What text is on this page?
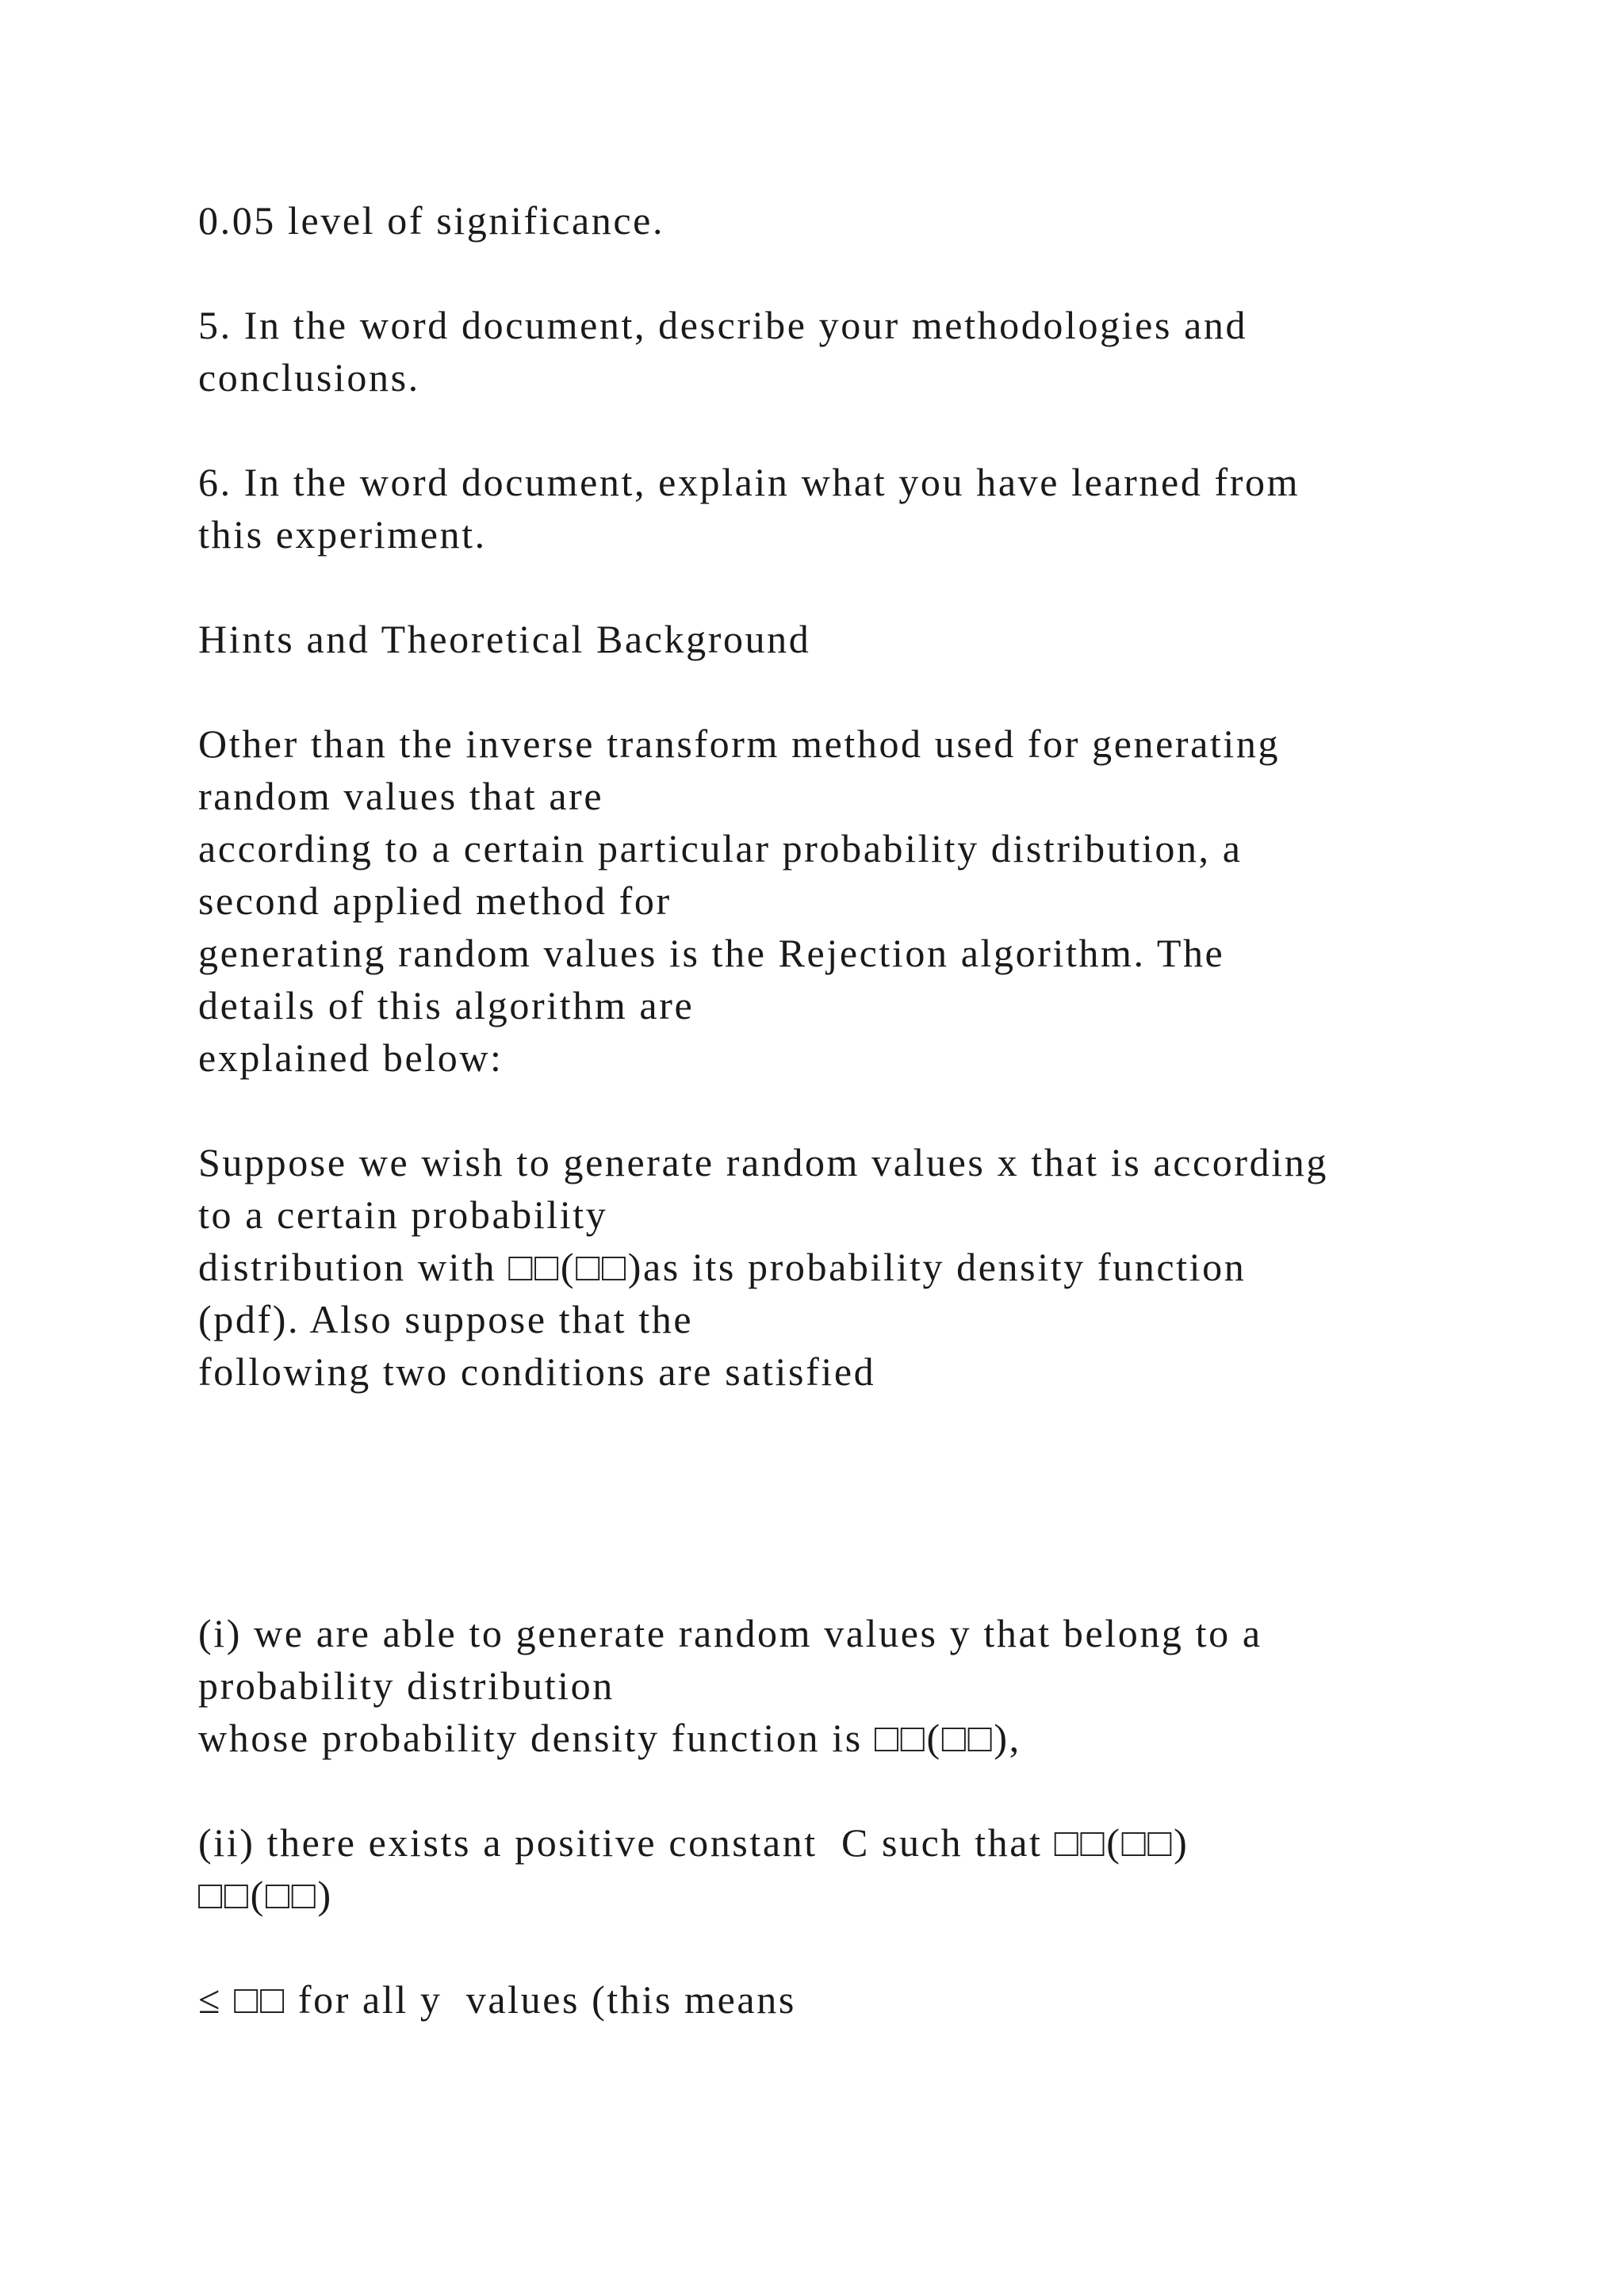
0.05 level of significance.
5. In the word document, describe your methodologies and
conclusions.
6. In the word document, explain what you have learned from
this experiment.
Hints and Theoretical Background
Other than the inverse transform method used for generating
random values that are
according to a certain particular probability distribution, a
second applied method for
generating random values is the Rejection algorithm. The
details of this algorithm are
explained below:
Suppose we wish to generate random values x that is according
to a certain probability
distribution with □□(□□)as its probability density function
(pdf). Also suppose that the
following two conditions are satisfied
(i) we are able to generate random values y that belong to a
probability distribution
whose probability density function is □□(□□),
(ii) there exists a positive constant  C such that □□(□□)
□□(□□)
≤ □□ for all y  values (this means
